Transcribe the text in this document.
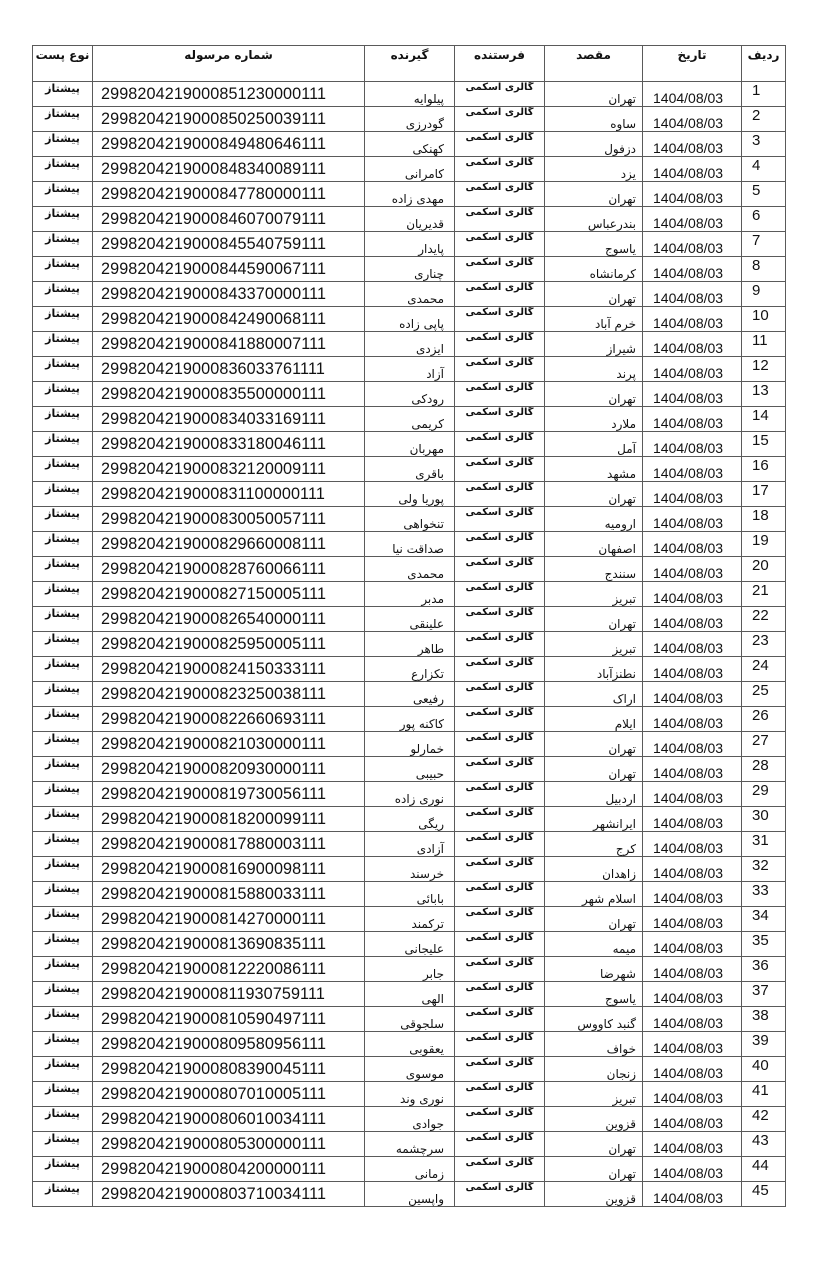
ردیف	تاریخ	مقصد	فرستنده	گیرنده	شماره مرسوله	نوع پست
1	1404/08/03	تهران	گالری اسکمی	پیلوایه	2998204219000851230000111	پیشتاز
2	1404/08/03	ساوه	گالری اسکمی	گودرزی	2998204219000850250039111	پیشتاز
3	1404/08/03	دزفول	گالری اسکمی	کهنکی	2998204219000849480646111	پیشتاز
4	1404/08/03	یزد	گالری اسکمی	کامرانی	2998204219000848340089111	پیشتاز
5	1404/08/03	تهران	گالری اسکمی	مهدی زاده	2998204219000847780000111	پیشتاز
6	1404/08/03	بندرعباس	گالری اسکمی	قدیریان	2998204219000846070079111	پیشتاز
7	1404/08/03	یاسوج	گالری اسکمی	پایدار	2998204219000845540759111	پیشتاز
8	1404/08/03	کرمانشاه	گالری اسکمی	چناری	2998204219000844590067111	پیشتاز
9	1404/08/03	تهران	گالری اسکمی	محمدی	2998204219000843370000111	پیشتاز
10	1404/08/03	خرم آباد	گالری اسکمی	پاپی زاده	2998204219000842490068111	پیشتاز
11	1404/08/03	شیراز	گالری اسکمی	ایزدی	2998204219000841880007111	پیشتاز
12	1404/08/03	پرند	گالری اسکمی	آزاد	2998204219000836033761111	پیشتاز
13	1404/08/03	تهران	گالری اسکمی	رودکی	2998204219000835500000111	پیشتاز
14	1404/08/03	ملارد	گالری اسکمی	کریمی	2998204219000834033169111	پیشتاز
15	1404/08/03	آمل	گالری اسکمی	مهربان	2998204219000833180046111	پیشتاز
16	1404/08/03	مشهد	گالری اسکمی	باقری	2998204219000832120009111	پیشتاز
17	1404/08/03	تهران	گالری اسکمی	پوریا ولی	2998204219000831100000111	پیشتاز
18	1404/08/03	ارومیه	گالری اسکمی	تنخواهی	2998204219000830050057111	پیشتاز
19	1404/08/03	اصفهان	گالری اسکمی	صداقت نیا	2998204219000829660008111	پیشتاز
20	1404/08/03	سنندج	گالری اسکمی	محمدی	2998204219000828760066111	پیشتاز
21	1404/08/03	تبریز	گالری اسکمی	مدبر	2998204219000827150005111	پیشتاز
22	1404/08/03	تهران	گالری اسکمی	علینقی	2998204219000826540000111	پیشتاز
23	1404/08/03	تبریز	گالری اسکمی	طاهر	2998204219000825950005111	پیشتاز
24	1404/08/03	نطنزآباد	گالری اسکمی	تکزارع	2998204219000824150333111	پیشتاز
25	1404/08/03	اراک	گالری اسکمی	رفیعی	2998204219000823250038111	پیشتاز
26	1404/08/03	ایلام	گالری اسکمی	کاکنه پور	2998204219000822660693111	پیشتاز
27	1404/08/03	تهران	گالری اسکمی	خمارلو	2998204219000821030000111	پیشتاز
28	1404/08/03	تهران	گالری اسکمی	حبیبی	2998204219000820930000111	پیشتاز
29	1404/08/03	اردبیل	گالری اسکمی	نوری زاده	2998204219000819730056111	پیشتاز
30	1404/08/03	ایرانشهر	گالری اسکمی	ریگی	2998204219000818200099111	پیشتاز
31	1404/08/03	کرج	گالری اسکمی	آزادی	2998204219000817880003111	پیشتاز
32	1404/08/03	زاهدان	گالری اسکمی	خرسند	2998204219000816900098111	پیشتاز
33	1404/08/03	اسلام شهر	گالری اسکمی	بابائی	2998204219000815880033111	پیشتاز
34	1404/08/03	تهران	گالری اسکمی	ترکمند	2998204219000814270000111	پیشتاز
35	1404/08/03	میمه	گالری اسکمی	علیجانی	2998204219000813690835111	پیشتاز
36	1404/08/03	شهرضا	گالری اسکمی	جابر	2998204219000812220086111	پیشتاز
37	1404/08/03	یاسوج	گالری اسکمی	الهی	2998204219000811930759111	پیشتاز
38	1404/08/03	گنبد کاووس	گالری اسکمی	سلجوقی	2998204219000810590497111	پیشتاز
39	1404/08/03	خواف	گالری اسکمی	یعقوبی	2998204219000809580956111	پیشتاز
40	1404/08/03	زنجان	گالری اسکمی	موسوی	2998204219000808390045111	پیشتاز
41	1404/08/03	تبریز	گالری اسکمی	نوری وند	2998204219000807010005111	پیشتاز
42	1404/08/03	قزوین	گالری اسکمی	جوادی	2998204219000806010034111	پیشتاز
43	1404/08/03	تهران	گالری اسکمی	سرچشمه	2998204219000805300000111	پیشتاز
44	1404/08/03	تهران	گالری اسکمی	زمانی	2998204219000804200000111	پیشتاز
45	1404/08/03	قزوین	گالری اسکمی	واپسین	2998204219000803710034111	پیشتاز
